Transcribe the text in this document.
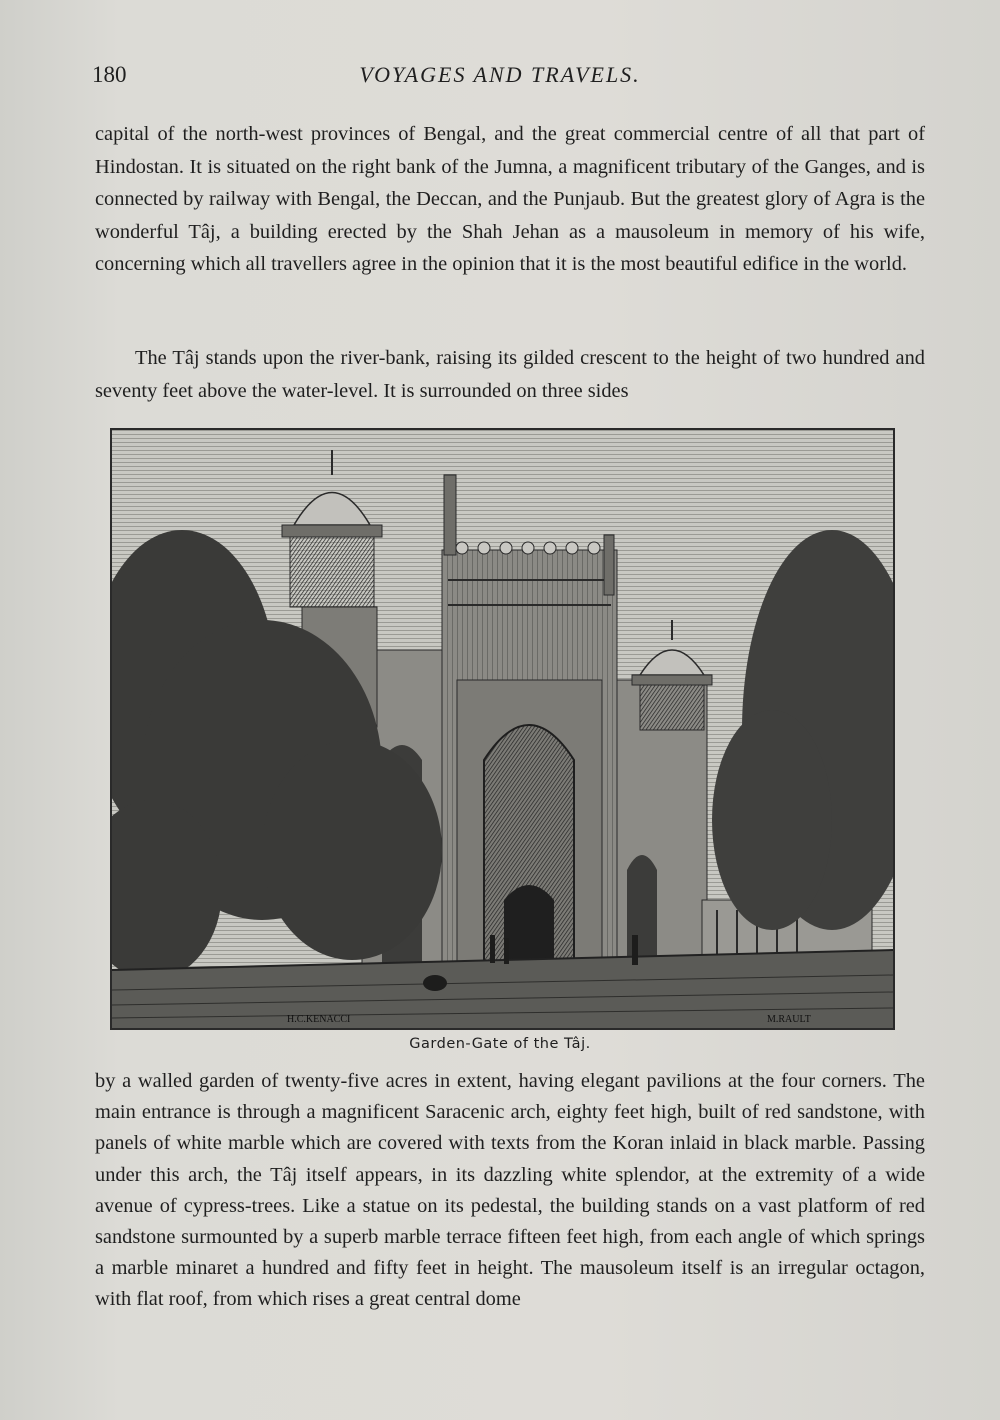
180	VOYAGES AND TRAVELS.

capital of the north-west provinces of Bengal, and the great commercial centre of all that part of Hindostan. It is situated on the right bank of the Jumna, a magnificent tributary of the Ganges, and is connected by railway with Bengal, the Deccan, and the Punjaub. But the greatest glory of Agra is the wonderful Tâj, a building erected by the Shah Jehan as a mausoleum in memory of his wife, concerning which all travellers agree in the opinion that it is the most beautiful edifice in the world.

The Tâj stands upon the river-bank, raising its gilded crescent to the height of two hundred and seventy feet above the water-level. It is surrounded on three sides

H.C.KENACCI	M.RAULT
Garden-Gate of the Tâj.

by a walled garden of twenty-five acres in extent, having elegant pavilions at the four corners. The main entrance is through a magnificent Saracenic arch, eighty feet high, built of red sandstone, with panels of white marble which are covered with texts from the Koran inlaid in black marble. Passing under this arch, the Tâj itself appears, in its dazzling white splendor, at the extremity of a wide avenue of cypress-trees. Like a statue on its pedestal, the building stands on a vast platform of red sandstone surmounted by a superb marble terrace fifteen feet high, from each angle of which springs a marble minaret a hundred and fifty feet in height. The mausoleum itself is an irregular octagon, with flat roof, from which rises a great central dome
